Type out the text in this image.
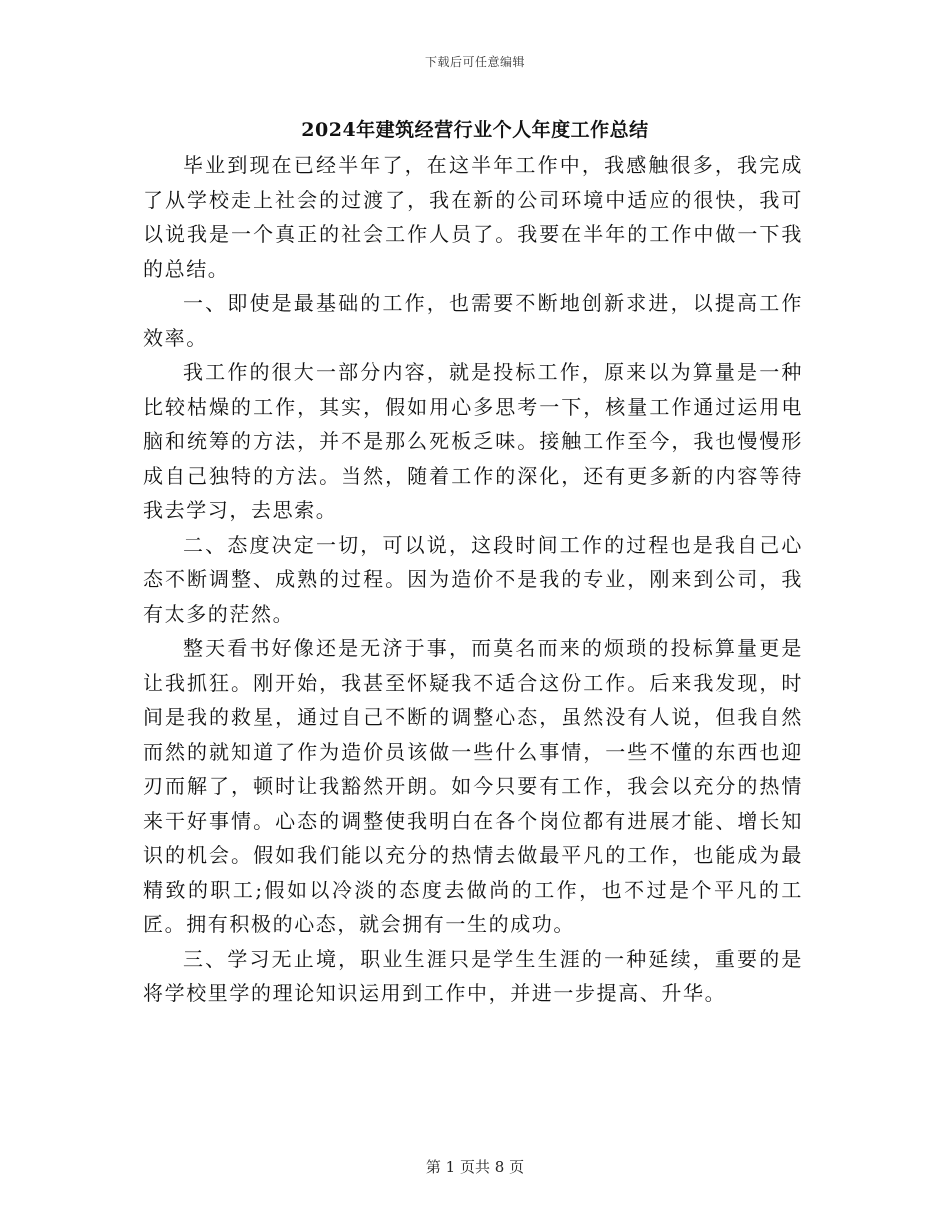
下载后可任意编辑
2024年建筑经营行业个人年度工作总结

毕业到现在已经半年了，在这半年工作中，我感触很多，我完成了从学校走上社会的过渡了，我在新的公司环境中适应的很快，我可以说我是一个真正的社会工作人员了。我要在半年的工作中做一下我的总结。

一、即使是最基础的工作，也需要不断地创新求进，以提高工作效率。

我工作的很大一部分内容，就是投标工作，原来以为算量是一种比较枯燥的工作，其实，假如用心多思考一下，核量工作通过运用电脑和统筹的方法，并不是那么死板乏味。接触工作至今，我也慢慢形成自己独特的方法。当然，随着工作的深化，还有更多新的内容等待我去学习，去思索。

二、态度决定一切，可以说，这段时间工作的过程也是我自己心态不断调整、成熟的过程。因为造价不是我的专业，刚来到公司，我有太多的茫然。

整天看书好像还是无济于事，而莫名而来的烦琐的投标算量更是让我抓狂。刚开始，我甚至怀疑我不适合这份工作。后来我发现，时间是我的救星，通过自己不断的调整心态，虽然没有人说，但我自然而然的就知道了作为造价员该做一些什么事情，一些不懂的东西也迎刃而解了，顿时让我豁然开朗。如今只要有工作，我会以充分的热情来干好事情。心态的调整使我明白在各个岗位都有进展才能、增长知识的机会。假如我们能以充分的热情去做最平凡的工作，也能成为最精致的职工;假如以冷淡的态度去做尚的工作，也不过是个平凡的工匠。拥有积极的心态，就会拥有一生的成功。

三、学习无止境，职业生涯只是学生生涯的一种延续，重要的是将学校里学的理论知识运用到工作中，并进一步提高、升华。

第 1 页共 8 页
